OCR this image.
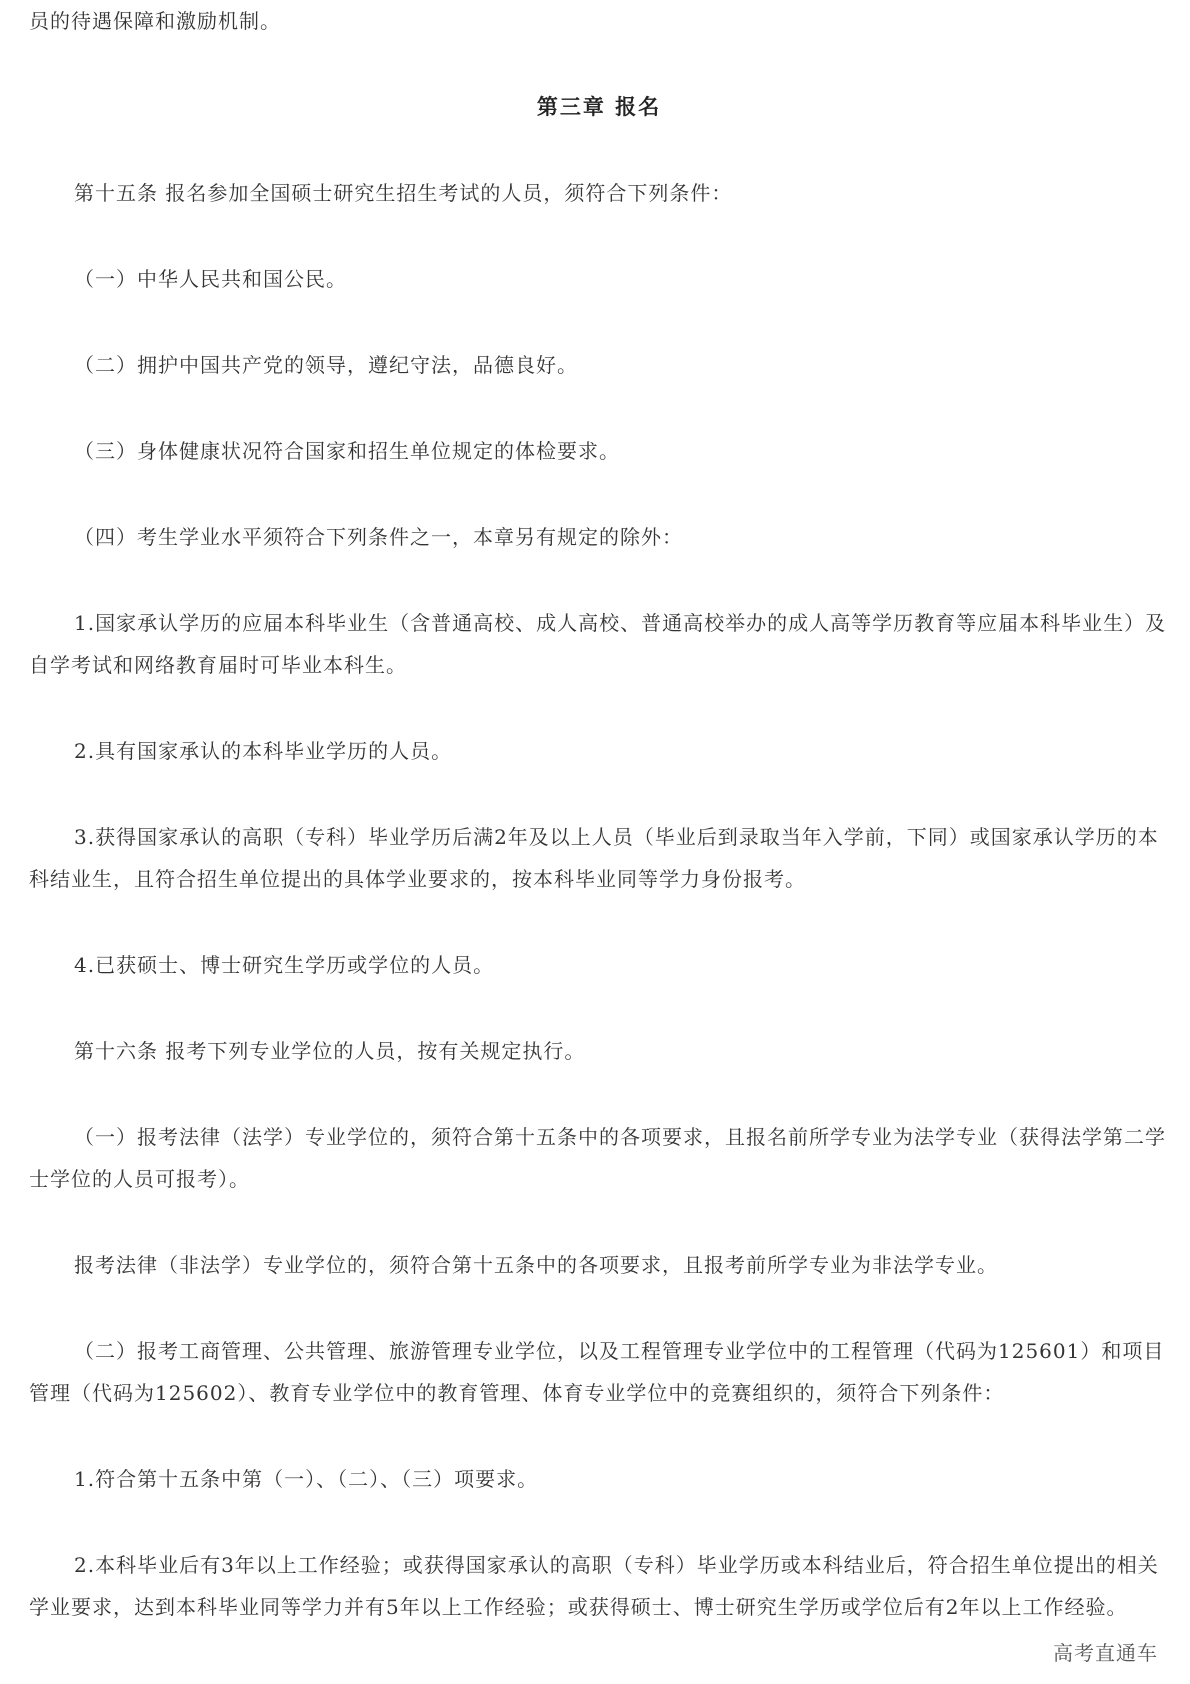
员的待遇保障和激励机制。

第三章 报名

第十五条 报名参加全国硕士研究生招生考试的人员，须符合下列条件：

（一）中华人民共和国公民。

（二）拥护中国共产党的领导，遵纪守法，品德良好。

（三）身体健康状况符合国家和招生单位规定的体检要求。

（四）考生学业水平须符合下列条件之一，本章另有规定的除外：

1.国家承认学历的应届本科毕业生（含普通高校、成人高校、普通高校举办的成人高等学历教育等应届本科毕业生）及自学考试和网络教育届时可毕业本科生。

2.具有国家承认的本科毕业学历的人员。

3.获得国家承认的高职（专科）毕业学历后满2年及以上人员（毕业后到录取当年入学前，下同）或国家承认学历的本科结业生，且符合招生单位提出的具体学业要求的，按本科毕业同等学力身份报考。

4.已获硕士、博士研究生学历或学位的人员。

第十六条 报考下列专业学位的人员，按有关规定执行。

（一）报考法律（法学）专业学位的，须符合第十五条中的各项要求，且报名前所学专业为法学专业（获得法学第二学士学位的人员可报考）。

报考法律（非法学）专业学位的，须符合第十五条中的各项要求，且报考前所学专业为非法学专业。

（二）报考工商管理、公共管理、旅游管理专业学位，以及工程管理专业学位中的工程管理（代码为125601）和项目管理（代码为125602）、教育专业学位中的教育管理、体育专业学位中的竞赛组织的，须符合下列条件：

1.符合第十五条中第（一）、（二）、（三）项要求。

2.本科毕业后有3年以上工作经验；或获得国家承认的高职（专科）毕业学历或本科结业后，符合招生单位提出的相关学业要求，达到本科毕业同等学力并有5年以上工作经验；或获得硕士、博士研究生学历或学位后有2年以上工作经验。

高考直通车
